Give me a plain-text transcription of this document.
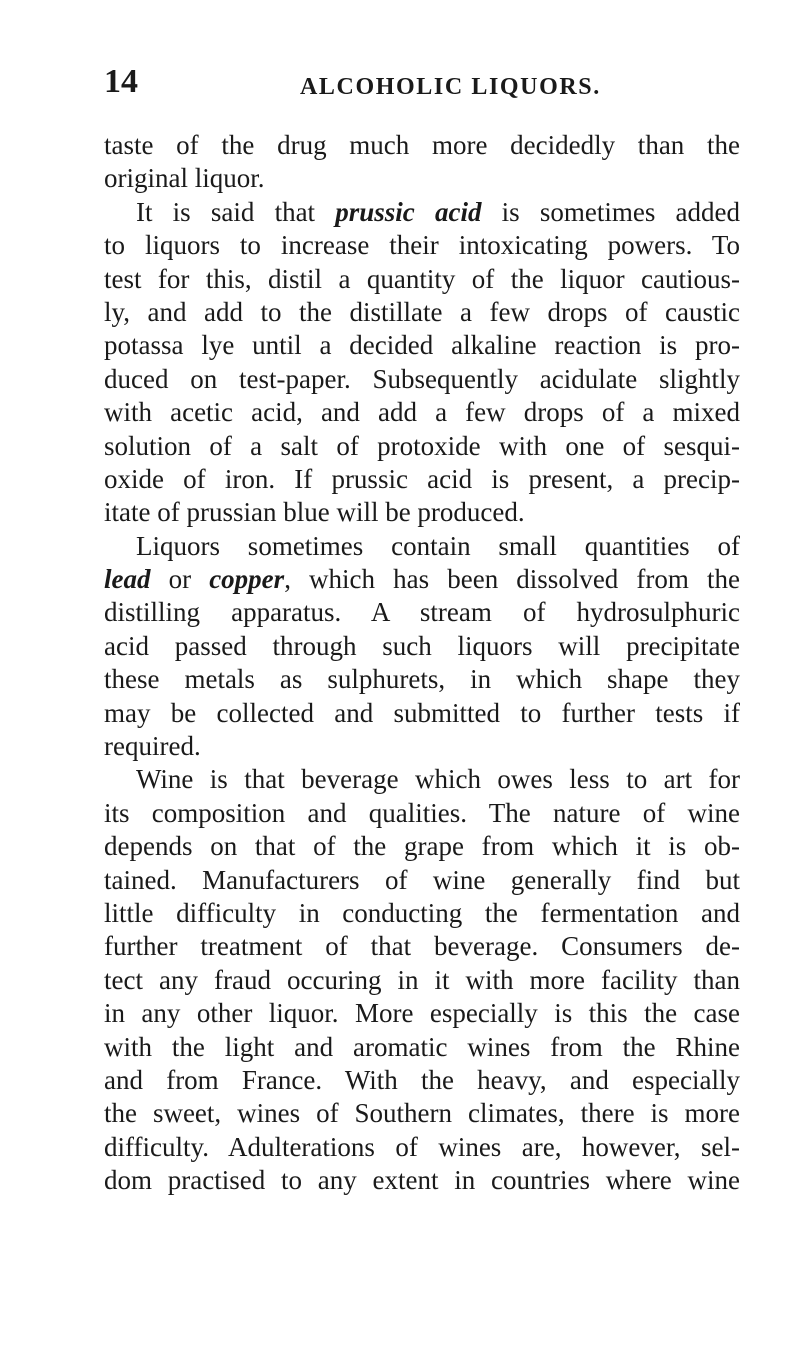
14	ALCOHOLIC LIQUORS.
taste of the drug much more decidedly than the
original liquor.
It is said that prussic acid is sometimes added
to liquors to increase their intoxicating powers. To
test for this, distil a quantity of the liquor cautious-
ly, and add to the distillate a few drops of caustic
potassa lye until a decided alkaline reaction is pro-
duced on test-paper. Subsequently acidulate slightly
with acetic acid, and add a few drops of a mixed
solution of a salt of protoxide with one of sesqui-
oxide of iron. If prussic acid is present, a precip-
itate of prussian blue will be produced.
Liquors sometimes contain small quantities of
lead or copper, which has been dissolved from the
distilling apparatus. A stream of hydrosulphuric
acid passed through such liquors will precipitate
these metals as sulphurets, in which shape they
may be collected and submitted to further tests if
required.
Wine is that beverage which owes less to art for
its composition and qualities. The nature of wine
depends on that of the grape from which it is ob-
tained. Manufacturers of wine generally find but
little difficulty in conducting the fermentation and
further treatment of that beverage. Consumers de-
tect any fraud occuring in it with more facility than
in any other liquor. More especially is this the case
with the light and aromatic wines from the Rhine
and from France. With the heavy, and especially
the sweet, wines of Southern climates, there is more
difficulty. Adulterations of wines are, however, sel-
dom practised to any extent in countries where wine
